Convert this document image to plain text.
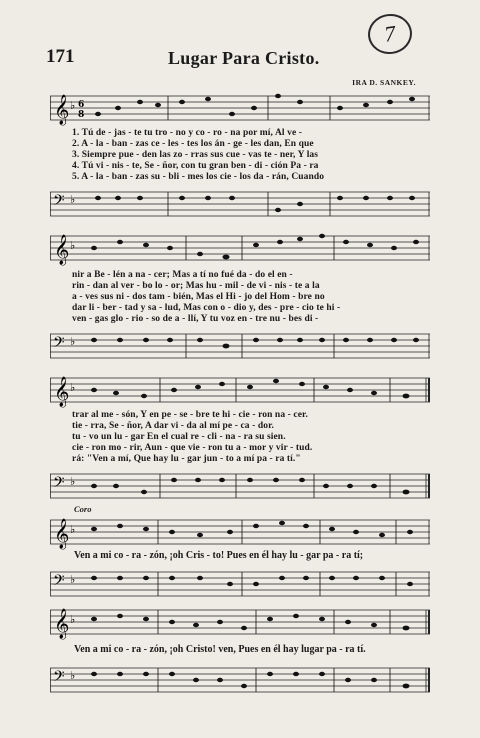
7
171	Lugar Para Cristo.
IRA D. SANKEY.
𝄞 ♭ 6
8
1. Tú de - jas - te tu tro - no y co - ro - na por mí, Al ve -
2. A - la - ban - zas ce - les - tes los án - ge - les dan, En que
3. Siempre pue - den las zo - rras sus cue - vas te - ner, Y las
4. Tú vi - nis - te, Se - ñor, con tu gran ben - di - ción Pa - ra
5. A - la - ban - zas su - bli - mes los cie - los da - rán, Cuando
𝄢 ♭
𝄞 ♭
nir a Be - lén a na - cer; Mas a tí no fué da - do el en -
rin - dan al ver - bo lo - or; Mas hu - mil - de vi - nis - te a la
a - ves sus ni - dos tam - bién, Mas el Hi - jo del Hom - bre no
dar li - ber - tad y sa - lud, Mas con o - dio y, des - pre - cio te hi -
ven - gas glo - rio - so de a - llí, Y tu voz en - tre nu - bes di -
𝄢 ♭
𝄞 ♭
trar al me - són, Y en pe - se - bre te hi - cie - ron na - cer.
tie - rra, Se - ñor, A dar vi - da al mí pe - ca - dor.
tu - vo un lu - gar En el cual re - cli - na - ra su sien.
cie - ron mo - rir, Aun - que vie - ron tu a - mor y vir - tud.
rá: "Ven a mí, Que hay lu - gar jun - to a mí pa - ra tí."
𝄢 ♭
Coro
𝄞 ♭
Ven a mi co - ra - zón, ¡oh Cris - to! Pues en él hay lu - gar pa - ra tí;
𝄢 ♭
𝄞 ♭
Ven a mi co - ra - zón, ¡oh Cristo! ven, Pues en él hay lugar pa - ra tí.
𝄢 ♭
